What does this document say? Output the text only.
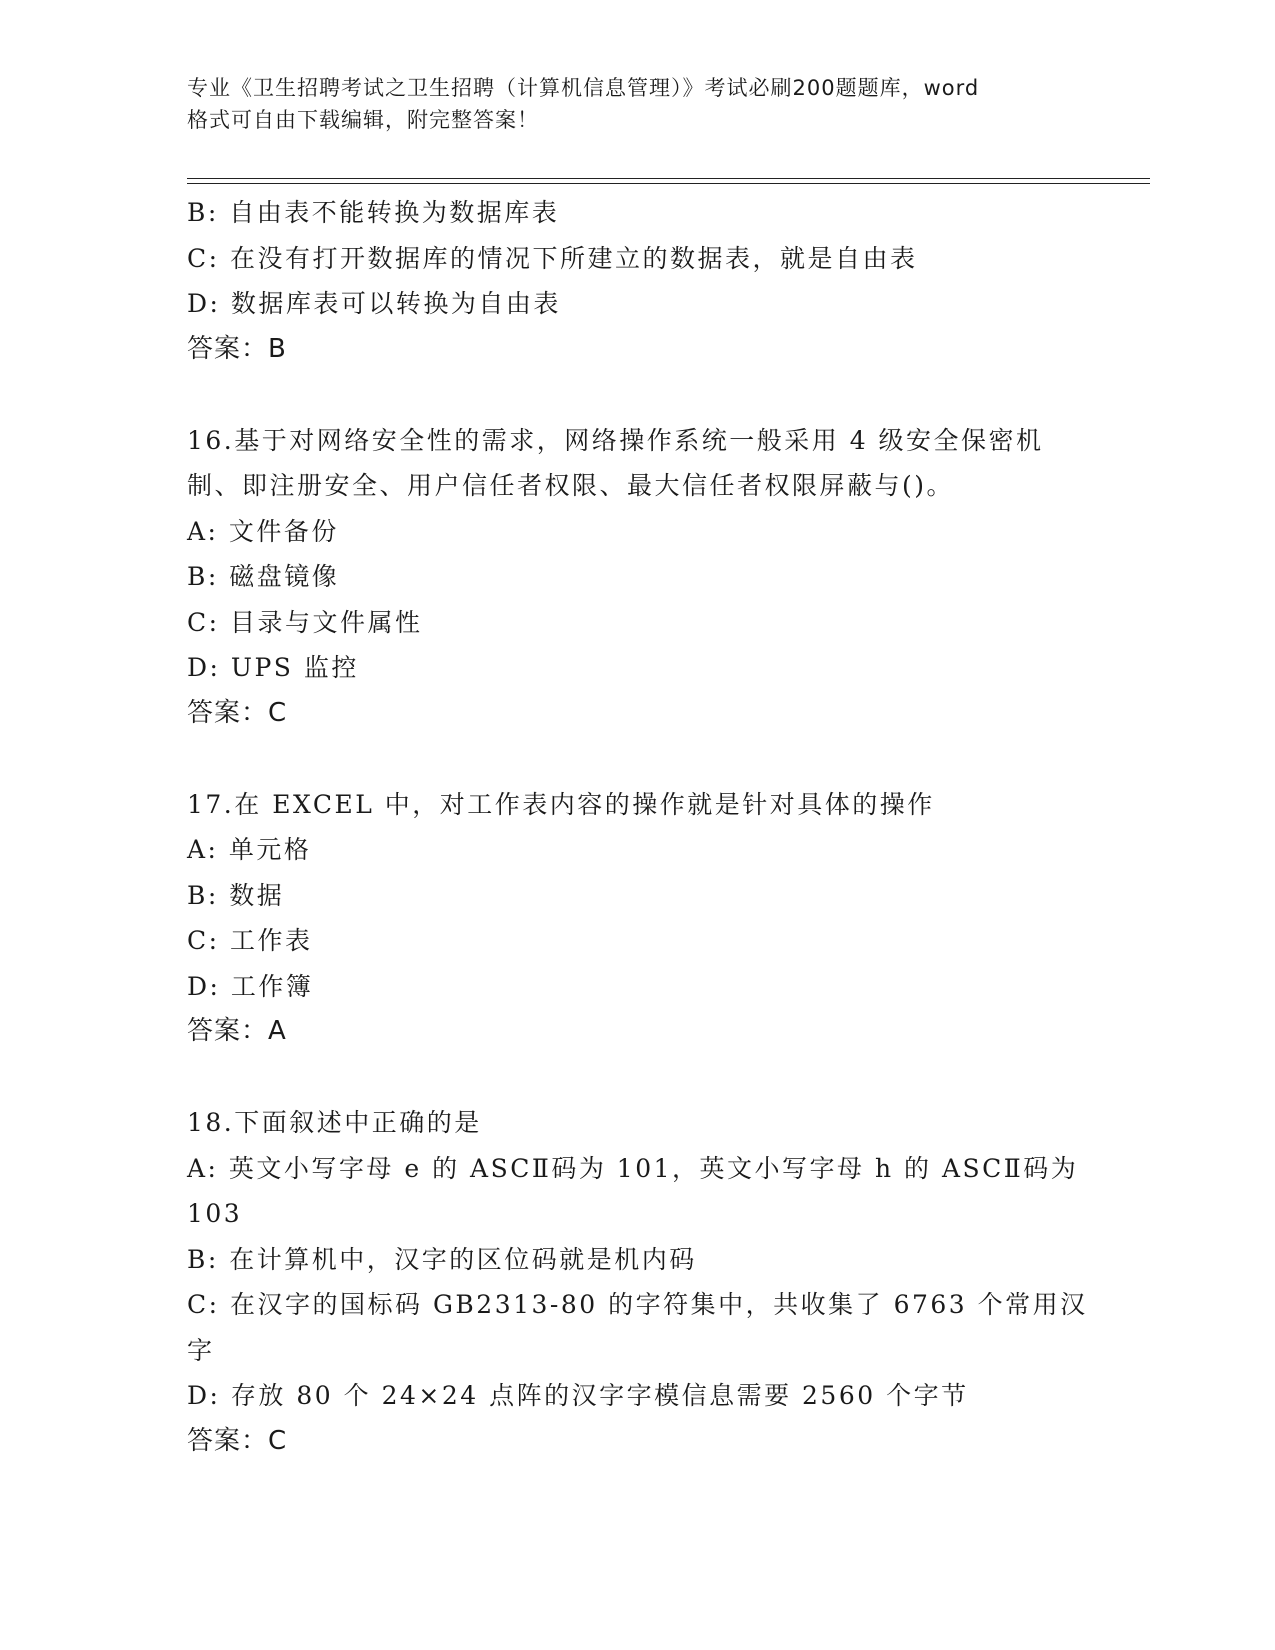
专业《卫生招聘考试之卫生招聘（计算机信息管理）》考试必刷200题题库，word
格式可自由下载编辑，附完整答案！

B: 自由表不能转换为数据库表

C: 在没有打开数据库的情况下所建立的数据表，就是自由表

D: 数据库表可以转换为自由表

答案：B

16.基于对网络安全性的需求，网络操作系统一般采用 4 级安全保密机

制、即注册安全、用户信任者权限、最大信任者权限屏蔽与()。

A: 文件备份

B: 磁盘镜像

C: 目录与文件属性

D: UPS 监控

答案：C

17.在 EXCEL 中，对工作表内容的操作就是针对具体的操作

A: 单元格

B: 数据

C: 工作表

D: 工作簿

答案：A

18.下面叙述中正确的是

A: 英文小写字母 e 的 ASCⅡ码为 101，英文小写字母 h 的 ASCⅡ码为

103

B: 在计算机中，汉字的区位码就是机内码

C: 在汉字的国标码 GB2313-80 的字符集中，共收集了 6763 个常用汉

字

D: 存放 80 个 24×24 点阵的汉字字模信息需要 2560 个字节

答案：C
